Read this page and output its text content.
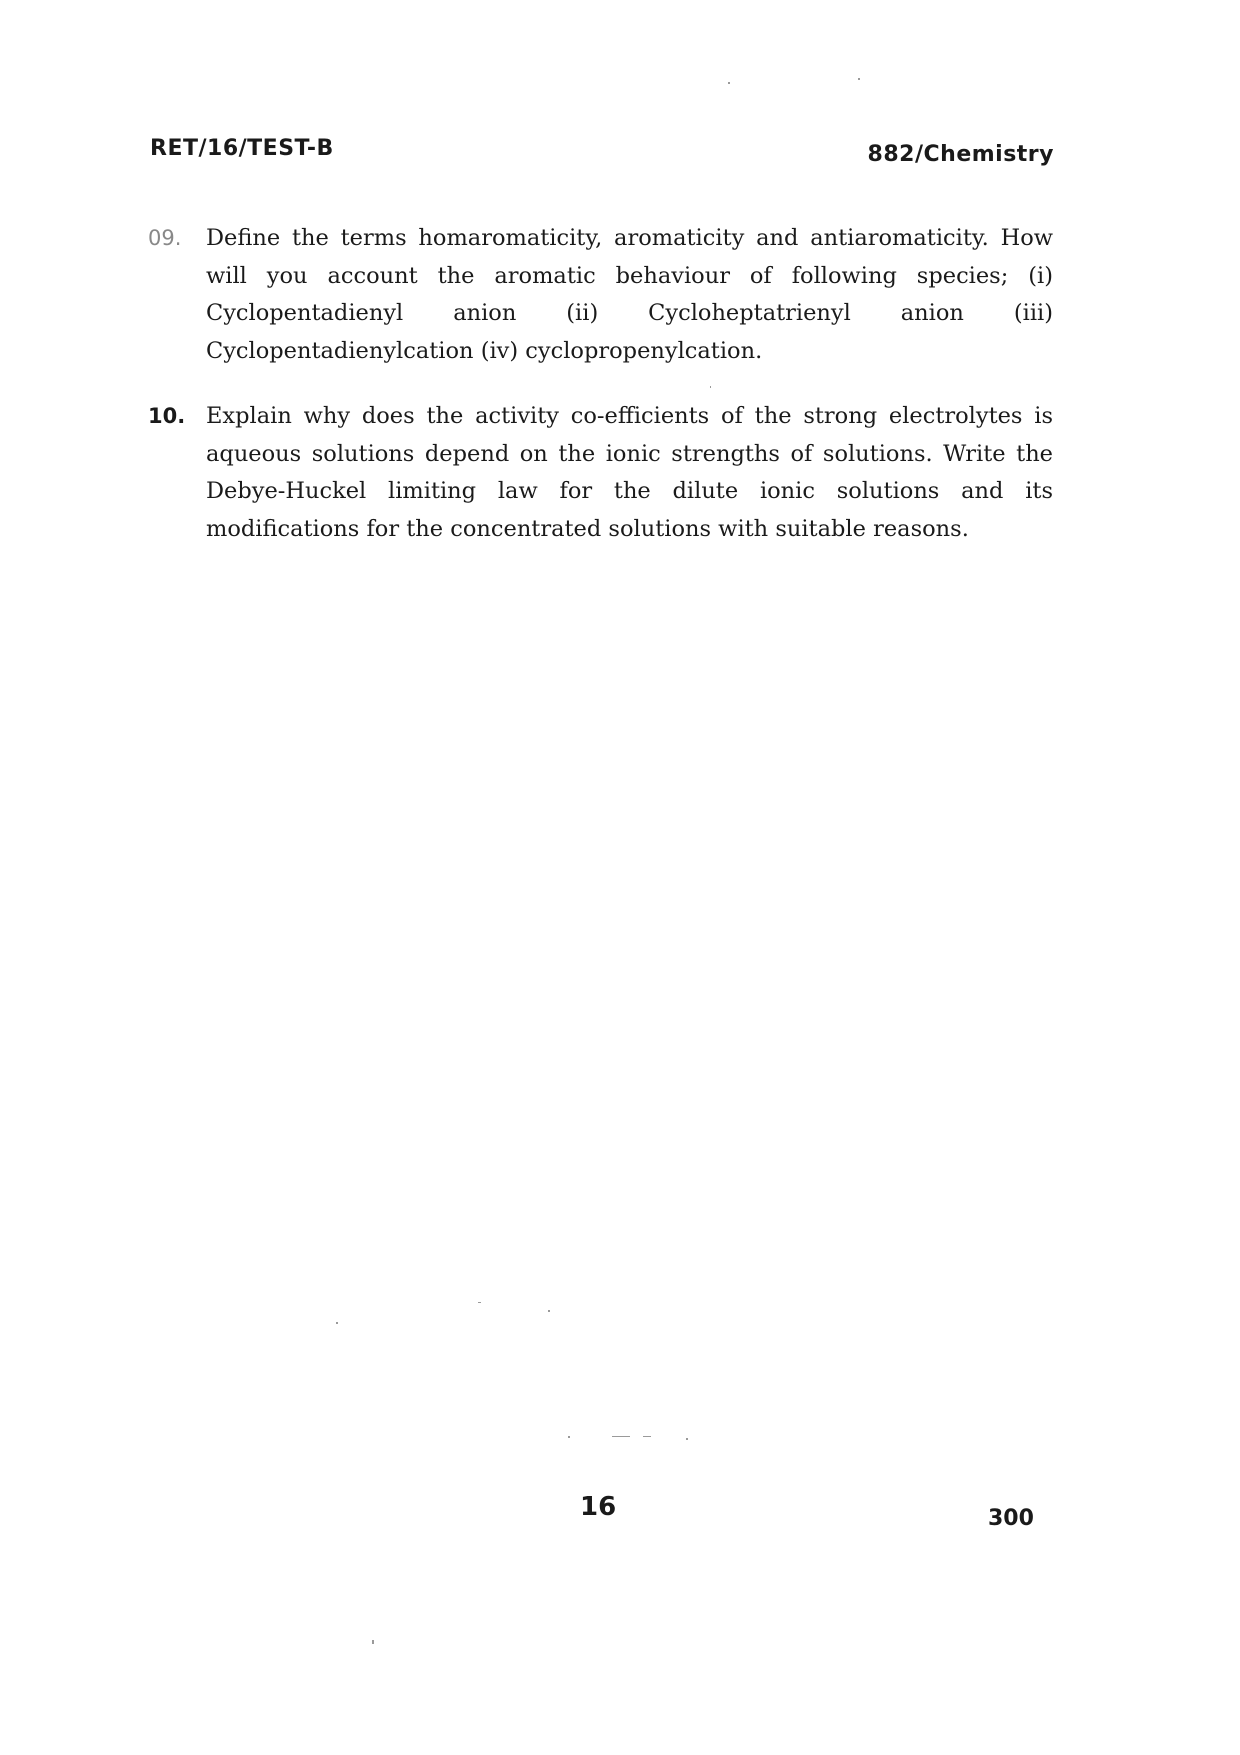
RET/16/TEST-B	882/Chemistry
09. Define the terms homaromaticity, aromaticity and antiaromaticity. How will you account the aromatic behaviour of following species; (i) Cyclopentadienyl anion (ii) Cycloheptatrienyl anion (iii) Cyclopentadienylcation (iv) cyclopropenylcation.
10. Explain why does the activity co-efficients of the strong electrolytes is aqueous solutions depend on the ionic strengths of solutions. Write the Debye-Huckel limiting law for the dilute ionic solutions and its modifications for the concentrated solutions with suitable reasons.
16	300
